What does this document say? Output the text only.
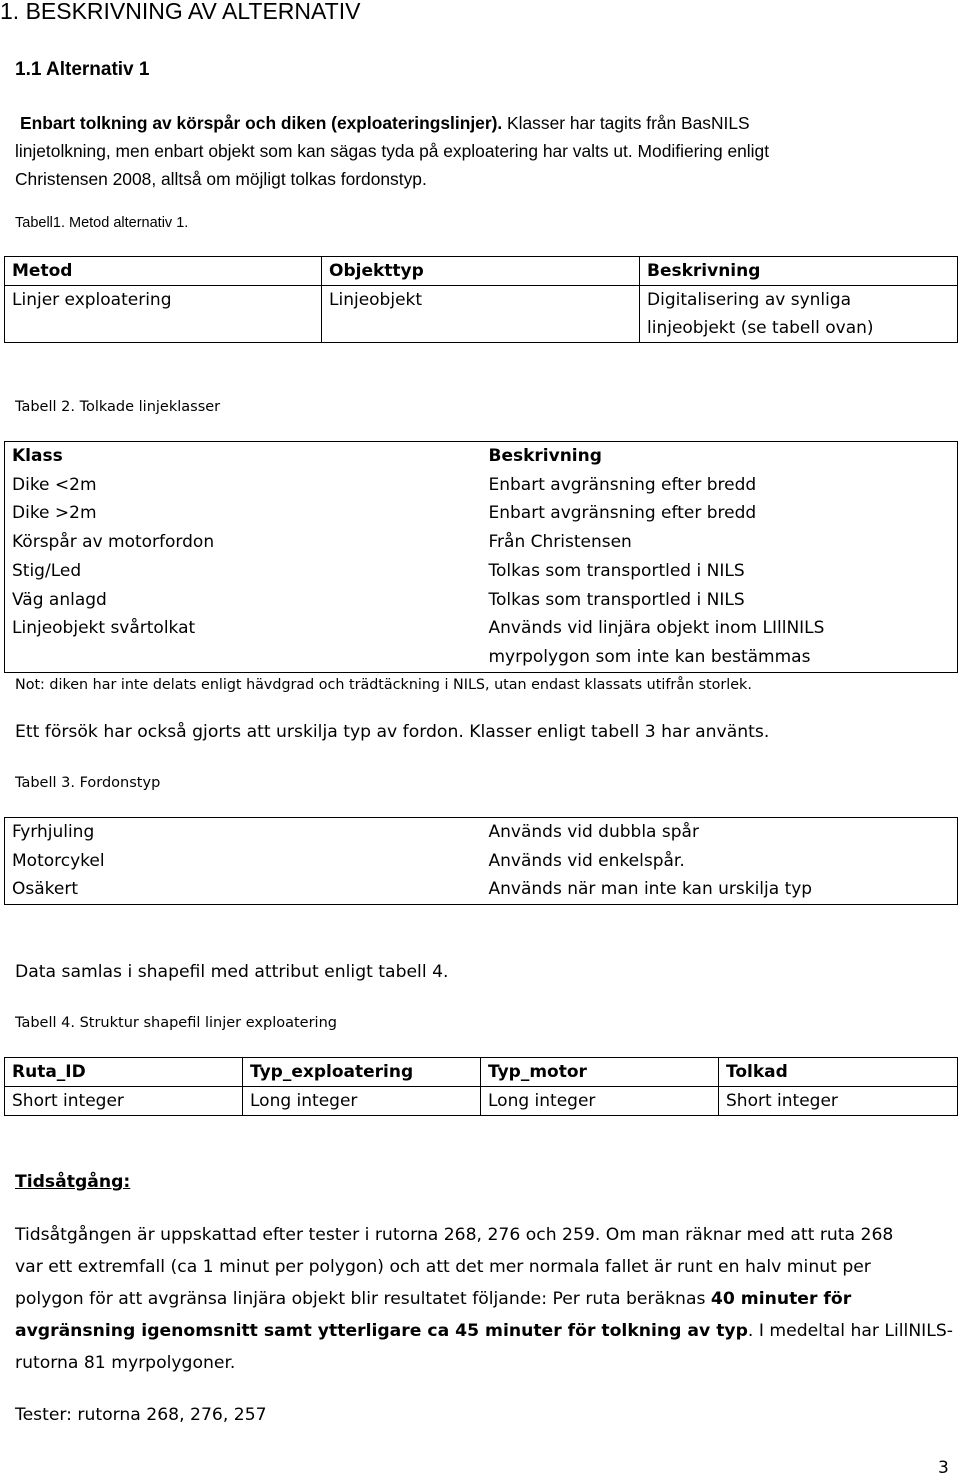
1. BESKRIVNING AV ALTERNATIV
1.1 Alternativ 1
Enbart tolkning av körspår och diken (exploateringslinjer). Klasser har tagits från BasNILS
linjetolkning, men enbart objekt som kan sägas tyda på exploatering har valts ut. Modifiering enligt
Christensen 2008, alltså om möjligt tolkas fordonstyp.
Tabell1. Metod alternativ 1.
Metod	Objekttyp	Beskrivning
Linjer exploatering	Linjeobjekt	Digitalisering av synliga
linjeobjekt (se tabell ovan)
Tabell 2. Tolkade linjeklasser
Klass	Beskrivning
Dike <2m	Enbart avgränsning efter bredd
Dike >2m	Enbart avgränsning efter bredd
Körspår av motorfordon	Från Christensen
Stig/Led	Tolkas som transportled i NILS
Väg anlagd	Tolkas som transportled i NILS
Linjeobjekt svårtolkat	Används vid linjära objekt inom LIllNILS
myrpolygon som inte kan bestämmas
Not: diken har inte delats enligt hävdgrad och trädtäckning i NILS, utan endast klassats utifrån storlek.
Ett försök har också gjorts att urskilja typ av fordon. Klasser enligt tabell 3 har använts.
Tabell 3. Fordonstyp
Fyrhjuling	Används vid dubbla spår
Motorcykel	Används vid enkelspår.
Osäkert	Används när man inte kan urskilja typ
Data samlas i shapefil med attribut enligt tabell 4.
Tabell 4. Struktur shapefil linjer exploatering
Ruta_ID	Typ_exploatering	Typ_motor	Tolkad
Short integer	Long integer	Long integer	Short integer
Tidsåtgång:
Tidsåtgången är uppskattad efter tester i rutorna 268, 276 och 259. Om man räknar med att ruta 268
var ett extremfall (ca 1 minut per polygon) och att det mer normala fallet är runt en halv minut per
polygon för att avgränsa linjära objekt blir resultatet följande: Per ruta beräknas 40 minuter för
avgränsning igenomsnitt samt ytterligare ca 45 minuter för tolkning av typ. I medeltal har LillNILS-
rutorna 81 myrpolygoner.
Tester: rutorna 268, 276, 257
3
